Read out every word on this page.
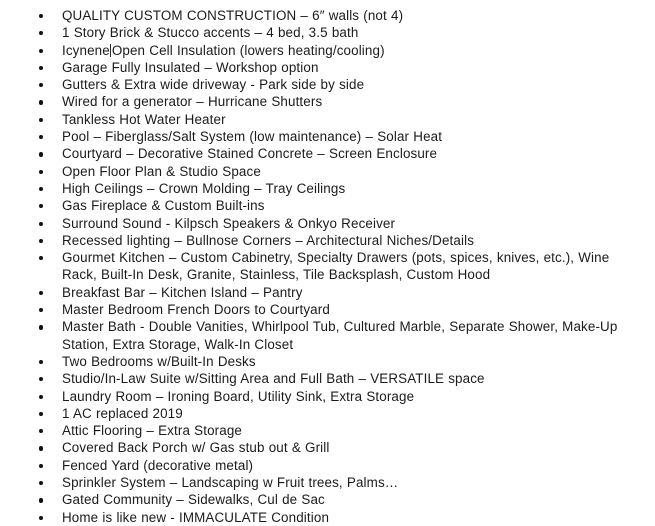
QUALITY CUSTOM CONSTRUCTION – 6″ walls (not 4)
1 Story Brick & Stucco accents – 4 bed, 3.5 bath
Icynene Open Cell Insulation (lowers heating/cooling)
Garage Fully Insulated – Workshop option
Gutters & Extra wide driveway - Park side by side
Wired for a generator – Hurricane Shutters
Tankless Hot Water Heater
Pool – Fiberglass/Salt System (low maintenance) – Solar Heat
Courtyard – Decorative Stained Concrete – Screen Enclosure
Open Floor Plan & Studio Space
High Ceilings – Crown Molding – Tray Ceilings
Gas Fireplace & Custom Built-ins
Surround Sound - Kilpsch Speakers & Onkyo Receiver
Recessed lighting – Bullnose Corners – Architectural Niches/Details
Gourmet Kitchen – Custom Cabinetry, Specialty Drawers (pots, spices, knives, etc.), Wine Rack, Built-In Desk, Granite, Stainless, Tile Backsplash, Custom Hood
Breakfast Bar – Kitchen Island – Pantry
Master Bedroom French Doors to Courtyard
Master Bath - Double Vanities, Whirlpool Tub, Cultured Marble, Separate Shower, Make-Up Station, Extra Storage, Walk-In Closet
Two Bedrooms w/Built-In Desks
Studio/In-Law Suite w/Sitting Area and Full Bath – VERSATILE space
Laundry Room – Ironing Board, Utility Sink, Extra Storage
1 AC replaced 2019
Attic Flooring – Extra Storage
Covered Back Porch w/ Gas stub out & Grill
Fenced Yard (decorative metal)
Sprinkler System – Landscaping w Fruit trees, Palms…
Gated Community – Sidewalks, Cul de Sac
Home is like new - IMMACULATE Condition
